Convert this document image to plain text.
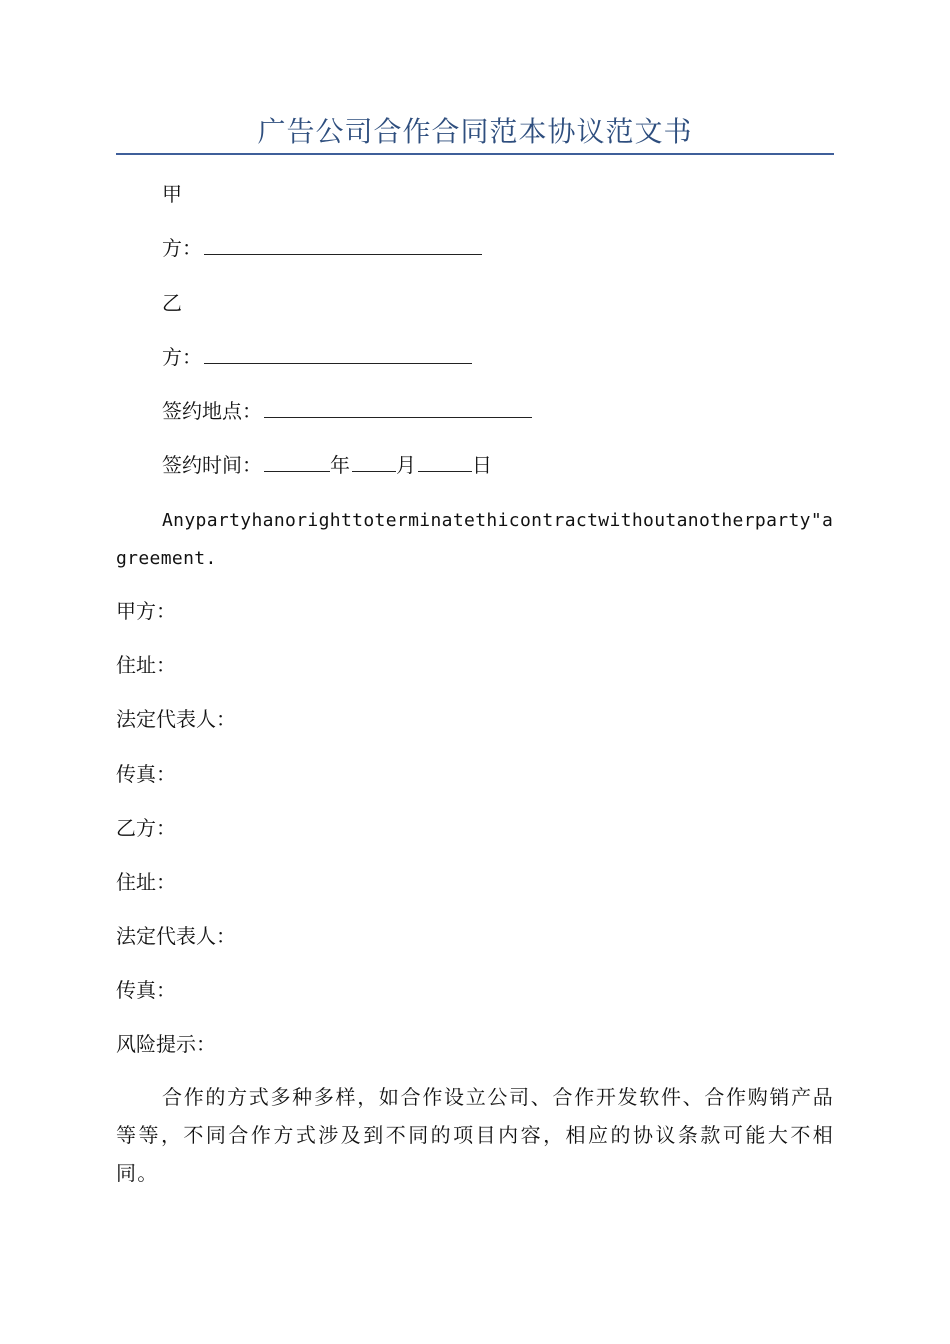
广告公司合作合同范本协议范文书
甲
方：
乙
方：
签约地点：
签约时间：	年 月	日
Anypartyhanorighttoterminatethicontractwithoutanotherparty"agreement.
甲方：
住址：
法定代表人：
传真：
乙方：
住址：
法定代表人：
传真：
风险提示：
合作的方式多种多样，如合作设立公司、合作开发软件、合作购销产品等等，不同合作方式涉及到不同的项目内容，相应的协议条款可能大不相同。
